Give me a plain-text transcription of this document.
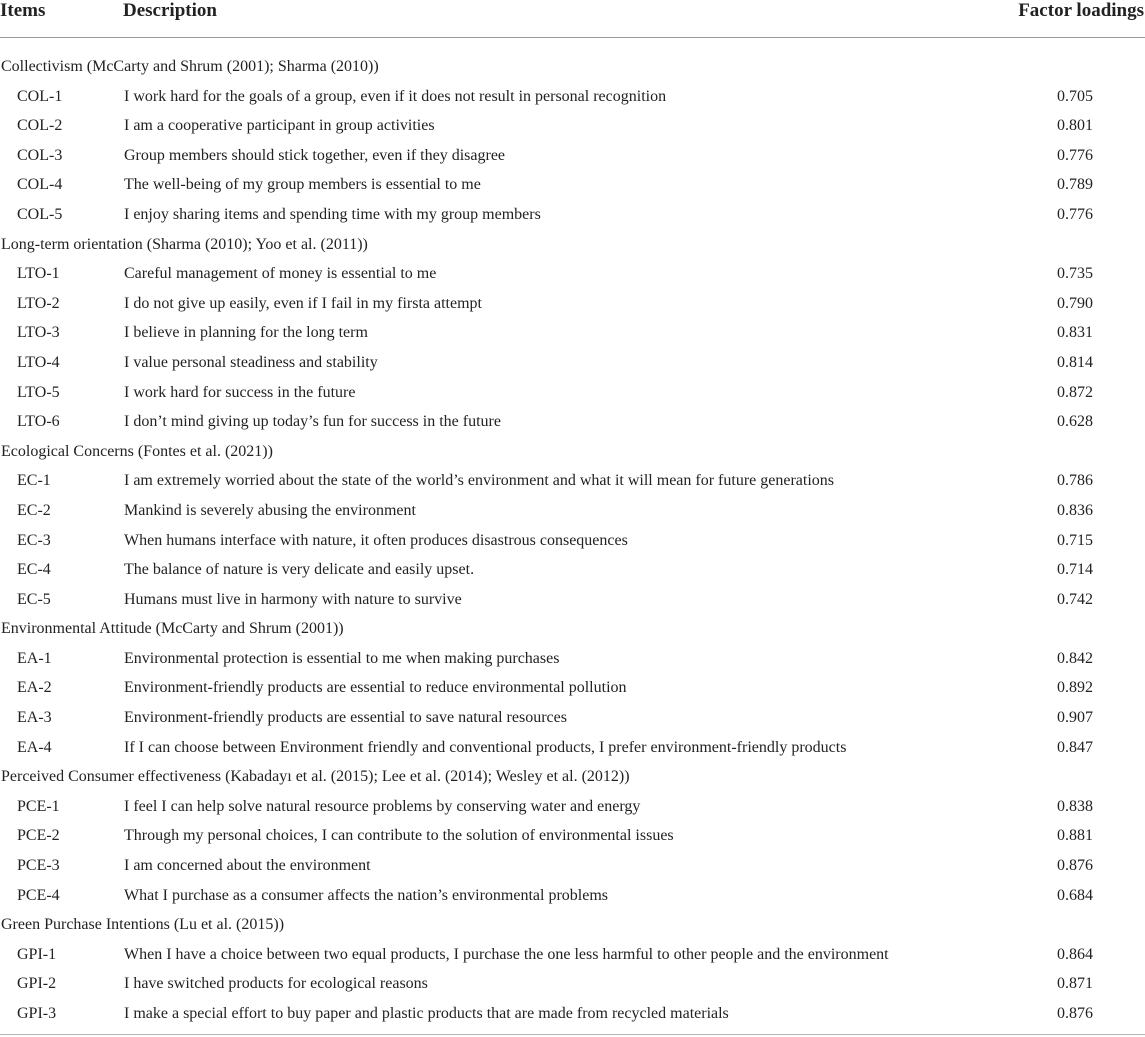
Items	Description	Factor loadings
Collectivism (McCarty and Shrum (2001); Sharma (2010))
COL-1	I work hard for the goals of a group, even if it does not result in personal recognition	0.705
COL-2	I am a cooperative participant in group activities	0.801
COL-3	Group members should stick together, even if they disagree	0.776
COL-4	The well-being of my group members is essential to me	0.789
COL-5	I enjoy sharing items and spending time with my group members	0.776
Long-term orientation (Sharma (2010); Yoo et al. (2011))
LTO-1	Careful management of money is essential to me	0.735
LTO-2	I do not give up easily, even if I fail in my firsta attempt	0.790
LTO-3	I believe in planning for the long term	0.831
LTO-4	I value personal steadiness and stability	0.814
LTO-5	I work hard for success in the future	0.872
LTO-6	I don’t mind giving up today’s fun for success in the future	0.628
Ecological Concerns (Fontes et al. (2021))
EC-1	I am extremely worried about the state of the world’s environment and what it will mean for future generations	0.786
EC-2	Mankind is severely abusing the environment	0.836
EC-3	When humans interface with nature, it often produces disastrous consequences	0.715
EC-4	The balance of nature is very delicate and easily upset.	0.714
EC-5	Humans must live in harmony with nature to survive	0.742
Environmental Attitude (McCarty and Shrum (2001))
EA-1	Environmental protection is essential to me when making purchases	0.842
EA-2	Environment-friendly products are essential to reduce environmental pollution	0.892
EA-3	Environment-friendly products are essential to save natural resources	0.907
EA-4	If I can choose between Environment friendly and conventional products, I prefer environment-friendly products	0.847
Perceived Consumer effectiveness (Kabadayı et al. (2015); Lee et al. (2014); Wesley et al. (2012))
PCE-1	I feel I can help solve natural resource problems by conserving water and energy	0.838
PCE-2	Through my personal choices, I can contribute to the solution of environmental issues	0.881
PCE-3	I am concerned about the environment	0.876
PCE-4	What I purchase as a consumer affects the nation’s environmental problems	0.684
Green Purchase Intentions (Lu et al. (2015))
GPI-1	When I have a choice between two equal products, I purchase the one less harmful to other people and the environment	0.864
GPI-2	I have switched products for ecological reasons	0.871
GPI-3	I make a special effort to buy paper and plastic products that are made from recycled materials	0.876
